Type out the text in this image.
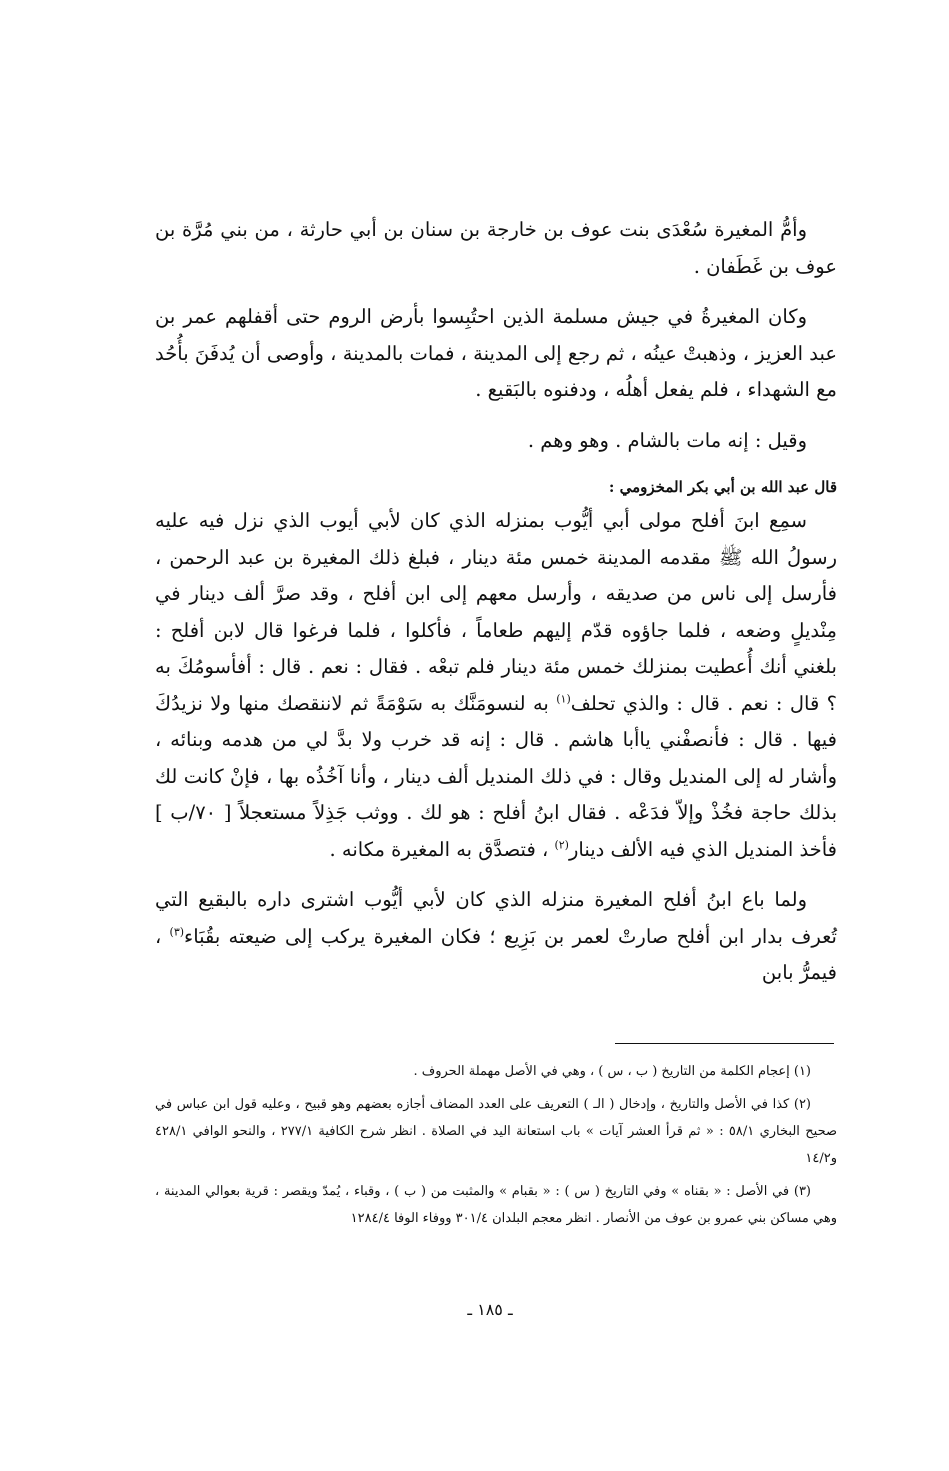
وأمُّ المغيرة سُعْدَى بنت عوف بن خارجة بن سنان بن أبي حارثة ، من بني مُرَّة بن عوف بن غَطَفان .

وكان المغيرةُ في جيش مسلمة الذين احتُبِسوا بأرض الروم حتى أقفلهم عمر بن عبد العزيز ، وذهبتْ عينُه ، ثم رجع إلى المدينة ، فمات بالمدينة ، وأوصى أن يُدفَنَ بأُحُد مع الشهداء ، فلم يفعل أهلُه ، ودفنوه بالبَقيع .

وقيل : إنه مات بالشام . وهو وهم .

قال عبد الله بن أبي بكر المخزومي :

سمِع ابنَ أفلح مولى أبي أيُّوب بمنزله الذي كان لأبي أيوب الذي نزل فيه عليه رسولُ الله ﷺ مقدمه المدينة خمس مئة دينار ، فبلغ ذلك المغيرة بن عبد الرحمن ، فأرسل إلى ناس من صديقه ، وأرسل معهم إلى ابن أفلح ، وقد صرَّ ألف دينار في مِنْديلٍ وضعه ، فلما جاؤوه قدّم إليهم طعاماً ، فأكلوا ، فلما فرغوا قال لابن أفلح : بلغني أنك أُعطيت بمنزلك خمس مئة دينار فلم تبعْه . فقال : نعم . قال : أفأسومُكَ به ؟ قال : نعم . قال : والذي تحلف$^{(١)}$ به لنسومَنَّك به سَوْمَةً ثم لاننقصك منها ولا نزيدُكَ فيها . قال : فأنصفْني ياأبا هاشم . قال : إنه قد خرب ولا بدَّ لي من هدمه وبنائه ، وأشار له إلى المنديل وقال : في ذلك المنديل ألف دينار ، وأنا آخُذُه بها ، فإنْ كانت لك بذلك حاجة فخُذْ وإلاّ فدَعْه . فقال ابنُ أفلح : هو لك . ووثب جَذِلاً مستعجلاً [ ٧٠/ب ] فأخذ المنديل الذي فيه الألف دينار$^{(٢)}$ ، فتصدَّق به المغيرة مكانه .

ولما باع ابنُ أفلح المغيرة منزله الذي كان لأبي أيُّوب اشترى داره بالبقيع التي تُعرف بدار ابن أفلح صارتْ لعمر بن بَزِيع ؛ فكان المغيرة يركب إلى ضيعته بقُبَاء$^{(٣)}$ ، فيمرُّ بابن

(١) إعجام الكلمة من التاريخ ( ب ، س ) ، وهي في الأصل مهملة الحروف .

(٢) كذا في الأصل والتاريخ ، وإدخال ( الـ ) التعريف على العدد المضاف أجازه بعضهم وهو قبيح ، وعليه قول ابن عباس في صحيح البخاري ٥٨/١ : « ثم قرأ العشر آيات » باب استعانة اليد في الصلاة . انظر شرح الكافية ٢٧٧/١ ، والنحو الوافي ٤٢٨/١ و١٤/٢

(٣) في الأصل : « بقناه » وفي التاريخ ( س ) : « بقبام » والمثبت من ( ب ) ، وقباء ، يُمدّ ويقصر : قرية بعوالي المدينة ، وهي مساكن بني عمرو بن عوف من الأنصار . انظر معجم البلدان ٣٠١/٤ ووفاء الوفا ١٢٨٤/٤

ـ ١٨٥ ـ
